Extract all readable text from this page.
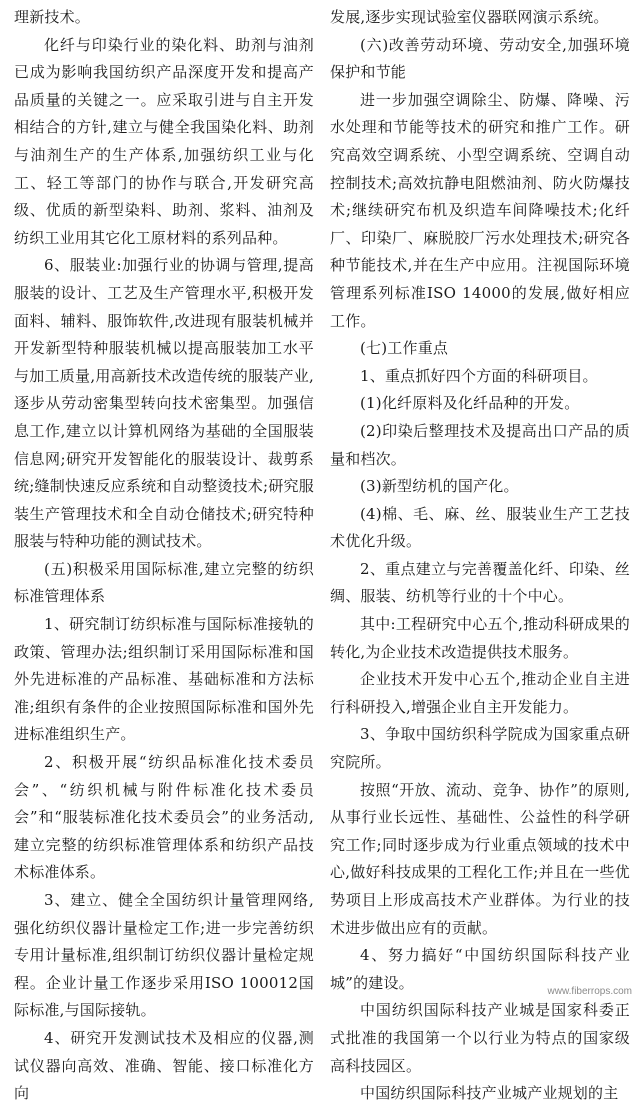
理新技术。

化纤与印染行业的染化料、助剂与油剂已成为影响我国纺织产品深度开发和提高产品质量的关键之一。应采取引进与自主开发相结合的方针,建立与健全我国染化料、助剂与油剂生产的生产体系,加强纺织工业与化工、轻工等部门的协作与联合,开发研究高级、优质的新型染料、助剂、浆料、油剂及纺织工业用其它化工原材料的系列品种。

6、服装业:加强行业的协调与管理,提高服装的设计、工艺及生产管理水平,积极开发面料、辅料、服饰软件,改进现有服装机械并开发新型特种服装机械以提高服装加工水平与加工质量,用高新技术改造传统的服装产业,逐步从劳动密集型转向技术密集型。加强信息工作,建立以计算机网络为基础的全国服装信息网;研究开发智能化的服装设计、裁剪系统;缝制快速反应系统和自动整烫技术;研究服装生产管理技术和全自动仓储技术;研究特种服装与特种功能的测试技术。

(五)积极采用国际标准,建立完整的纺织标准管理体系

1、研究制订纺织标准与国际标准接轨的政策、管理办法;组织制订采用国际标准和国外先进标准的产品标准、基础标准和方法标准;组织有条件的企业按照国际标准和国外先进标准组织生产。

2、积极开展“纺织品标准化技术委员会”、“纺织机械与附件标准化技术委员会”和“服装标准化技术委员会”的业务活动,建立完整的纺织标准管理体系和纺织产品技术标准体系。

3、建立、健全全国纺织计量管理网络,强化纺织仪器计量检定工作;进一步完善纺织专用计量标准,组织制订纺织仪器计量检定规程。企业计量工作逐步采用ISO 100012国际标准,与国际接轨。

4、研究开发测试技术及相应的仪器,测试仪器向高效、准确、智能、接口标准化方向

发展,逐步实现试验室仪器联网演示系统。

(六)改善劳动环境、劳动安全,加强环境保护和节能

进一步加强空调除尘、防爆、降噪、污水处理和节能等技术的研究和推广工作。研究高效空调系统、小型空调系统、空调自动控制技术;高效抗静电阻燃油剂、防火防爆技术;继续研究布机及织造车间降噪技术;化纤厂、印染厂、麻脱胶厂污水处理技术;研究各种节能技术,并在生产中应用。注视国际环境管理系列标准ISO 14000的发展,做好相应工作。

(七)工作重点

1、重点抓好四个方面的科研项目。

(1)化纤原料及化纤品种的开发。

(2)印染后整理技术及提高出口产品的质量和档次。

(3)新型纺机的国产化。

(4)棉、毛、麻、丝、服装业生产工艺技术优化升级。

2、重点建立与完善覆盖化纤、印染、丝绸、服装、纺机等行业的十个中心。

其中:工程研究中心五个,推动科研成果的转化,为企业技术改造提供技术服务。

企业技术开发中心五个,推动企业自主进行科研投入,增强企业自主开发能力。

3、争取中国纺织科学院成为国家重点研究院所。

按照“开放、流动、竞争、协作”的原则,从事行业长远性、基础性、公益性的科学研究工作;同时逐步成为行业重点领域的技术中心,做好科技成果的工程化工作;并且在一些优势项目上形成高技术产业群体。为行业的技术进步做出应有的贡献。

4、努力搞好“中国纺织国际科技产业城”的建设。

中国纺织国际科技产业城是国家科委正式批准的我国第一个以行业为特点的国家级高科技园区。

中国纺织国际科技产业城产业规划的主

www.fiberrops.com
